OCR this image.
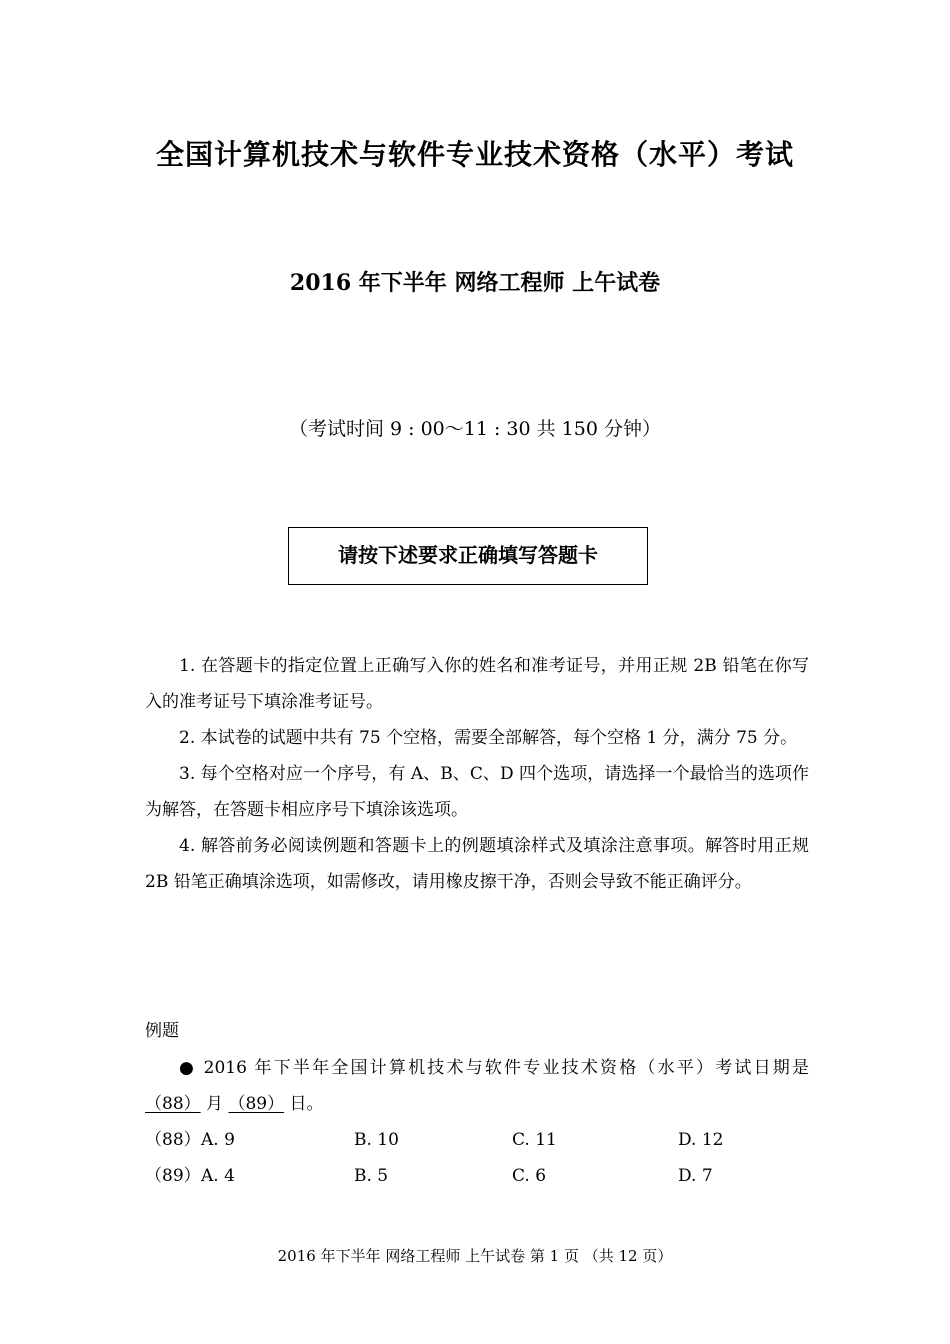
全国计算机技术与软件专业技术资格（水平）考试
2016 年下半年 网络工程师 上午试卷
（考试时间 9 : 00～11 : 30 共 150 分钟）
请按下述要求正确填写答题卡

1. 在答题卡的指定位置上正确写入你的姓名和准考证号，并用正规 2B 铅笔在你写入的准考证号下填涂准考证号。

2. 本试卷的试题中共有 75 个空格，需要全部解答，每个空格 1 分，满分 75 分。

3. 每个空格对应一个序号，有 A、B、C、D 四个选项，请选择一个最恰当的选项作为解答，在答题卡相应序号下填涂该选项。

4. 解答前务必阅读例题和答题卡上的例题填涂样式及填涂注意事项。解答时用正规 2B 铅笔正确填涂选项，如需修改，请用橡皮擦干净，否则会导致不能正确评分。

例题
● 2016 年下半年全国计算机技术与软件专业技术资格（水平）考试日期是（88） 月 （89） 日。
（88） A. 9	B. 10	C. 11	D. 12
（89） A. 4	B. 5	C. 6	D. 7
2016 年下半年 网络工程师 上午试卷 第 1 页 （共 12 页）
